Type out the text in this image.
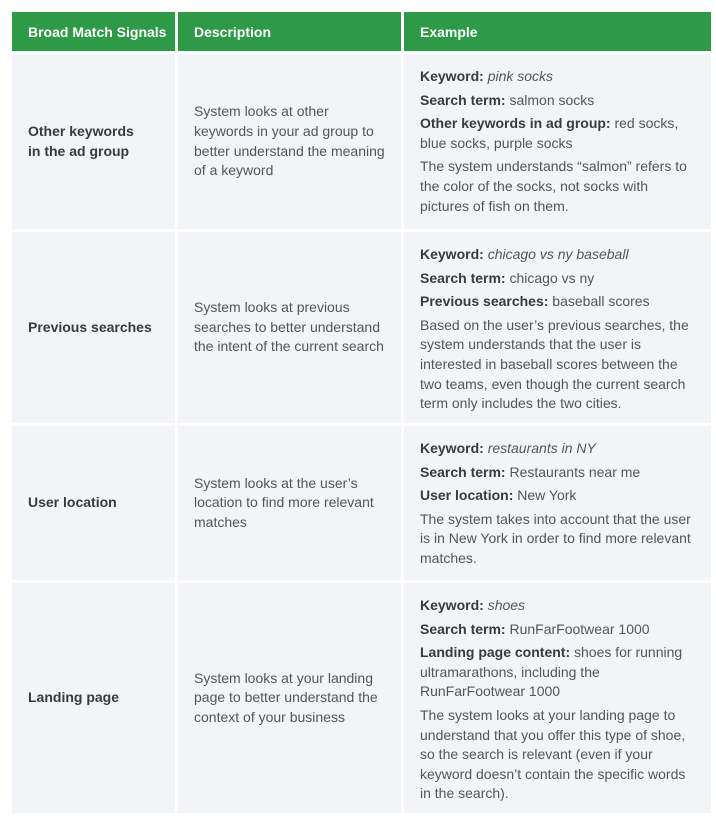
Broad Match Signals	Description	Example
Other keywords
in the ad group
System looks at other keywords in your ad group to better understand the meaning of a keyword

Keyword: pink socks

Search term: salmon socks

Other keywords in ad group: red socks, blue socks, purple socks

The system understands “salmon” refers to the color of the socks, not socks with pictures of fish on them.

Previous searches
System looks at previous searches to better understand the intent of the current search

Keyword: chicago vs ny baseball

Search term: chicago vs ny

Previous searches: baseball scores

Based on the user’s previous searches, the system understands that the user is interested in baseball scores between the two teams, even though the current search term only includes the two cities.

User location
System looks at the user’s location to find more relevant matches

Keyword: restaurants in NY

Search term: Restaurants near me

User location: New York

The system takes into account that the user is in New York in order to find more relevant matches.

Landing page
System looks at your landing page to better understand the context of your business

Keyword: shoes

Search term: RunFarFootwear 1000

Landing page content: shoes for running ultramarathons, including the RunFarFootwear 1000

The system looks at your landing page to understand that you offer this type of shoe, so the search is relevant (even if your keyword doesn’t contain the specific words in the search).
